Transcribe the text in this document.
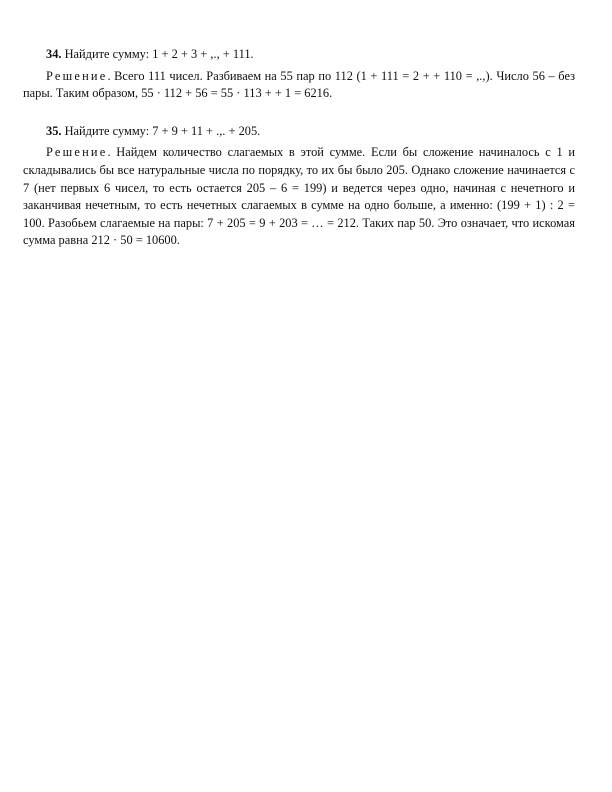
34. Найдите сумму: 1 + 2 + 3 + ,., + 111.

Решение. Всего 111 чисел. Разбиваем на 55 пар по 112 (1 + 111 = 2 + + 110 = ,.,). Число 56 – без пары. Таким образом, 55 · 112 + 56 = 55 · 113 + + 1 = 6216.

35. Найдите сумму: 7 + 9 + 11 + .,. + 205.

Решение. Найдем количество слагаемых в этой сумме. Если бы сложение начиналось с 1 и складывались бы все натуральные числа по порядку, то их бы было 205. Однако сложение начинается с 7 (нет первых 6 чисел, то есть остается 205 – 6 = 199) и ведется через одно, начиная с нечетного и заканчивая нечетным, то есть нечетных слагаемых в сумме на одно больше, а именно: (199 + 1) : 2 = 100. Разобьем слагаемые на пары: 7 + 205 = 9 + 203 = … = 212. Таких пар 50. Это означает, что искомая сумма равна 212 · 50 = 10600.
